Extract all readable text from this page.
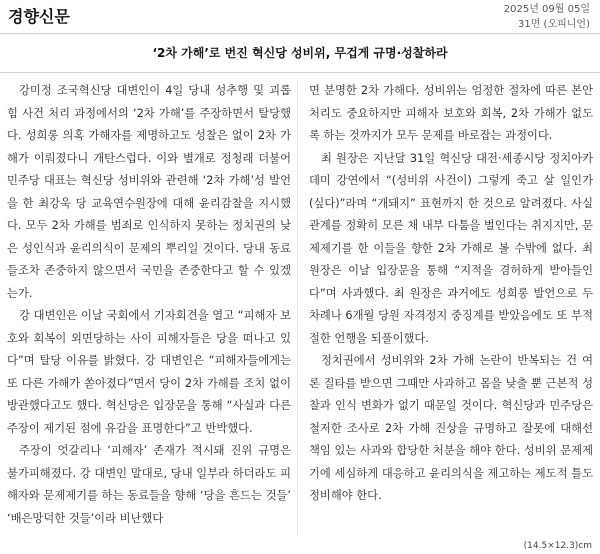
경향신문	2025년 09월 05일
31면 (오피니언)
‘2차 가해’로 번진 혁신당 성비위, 무겁게 규명·성찰하라

강미정 조국혁신당 대변인이 4일 당내 성추행 및 괴롭힘 사건 처리 과정에서의 ‘2차 가해’를 주장하면서 탈당했다. 성희롱 의혹 가해자를 제명하고도 성찰은 없이 2차 가해가 이뤄졌다니 개탄스럽다. 이와 별개로 정청래 더불어민주당 대표는 혁신당 성비위와 관련해 ‘2차 가해’성 발언을 한 최강욱 당 교육연수원장에 대해 윤리감찰을 지시했다. 모두 2차 가해를 범죄로 인식하지 못하는 정치권의 낮은 성인식과 윤리의식이 문제의 뿌리일 것이다. 당내 동료들조차 존중하지 않으면서 국민을 존중한다고 할 수 있겠는가.

강 대변인은 이날 국회에서 기자회견을 열고 “피해자 보호와 회복이 외면당하는 사이 피해자들은 당을 떠나고 있다”며 탈당 이유를 밝혔다. 강 대변인은 “피해자들에게는 또 다른 가해가 쏟아졌다”면서 당이 2차 가해를 조치 없이 방관했다고도 했다. 혁신당은 입장문을 통해 “사실과 다른 주장이 제기된 점에 유감을 표명한다”고 반박했다.

주장이 엇갈리나 ‘피해자’ 존재가 적시돼 진위 규명은 불가피해졌다. 강 대변인 말대로, 당내 일부라 하더라도 피해자와 문제제기를 하는 동료들을 향해 ‘당을 흔드는 것들’ ‘배은망덕한 것들’이라 비난했다

면 분명한 2차 가해다. 성비위는 엄정한 절차에 따른 본안 처리도 중요하지만 피해자 보호와 회복, 2차 가해가 없도록 하는 것까지가 모두 문제를 바로잡는 과정이다.

최 원장은 지난달 31일 혁신당 대전·세종시당 정치아카데미 강연에서 “(성비위 사건이) 그렇게 죽고 살 일인가 (싶다)”라며 “개돼지” 표현까지 한 것으로 알려졌다. 사실관계를 정확히 모른 채 내부 다툼을 벌인다는 취지지만, 문제제기를 한 이들을 향한 2차 가해로 볼 수밖에 없다. 최 원장은 이날 입장문을 통해 “지적을 겸허하게 받아들인다”며 사과했다. 최 원장은 과거에도 성희롱 발언으로 두 차례나 6개월 당원 자격정지 중징계를 받았음에도 또 부적절한 언행을 되풀이했다.

정치권에서 성비위와 2차 가해 논란이 반복되는 건 여론 질타를 받으면 그때만 사과하고 몸을 낮출 뿐 근본적 성찰과 인식 변화가 없기 때문일 것이다. 혁신당과 민주당은 철저한 조사로 2차 가해 진상을 규명하고 잘못에 대해선 책임 있는 사과와 합당한 처분을 해야 한다. 성비위 문제제기에 세심하게 대응하고 윤리의식을 제고하는 제도적 틀도 정비해야 한다.

(14.5×12.3)cm
